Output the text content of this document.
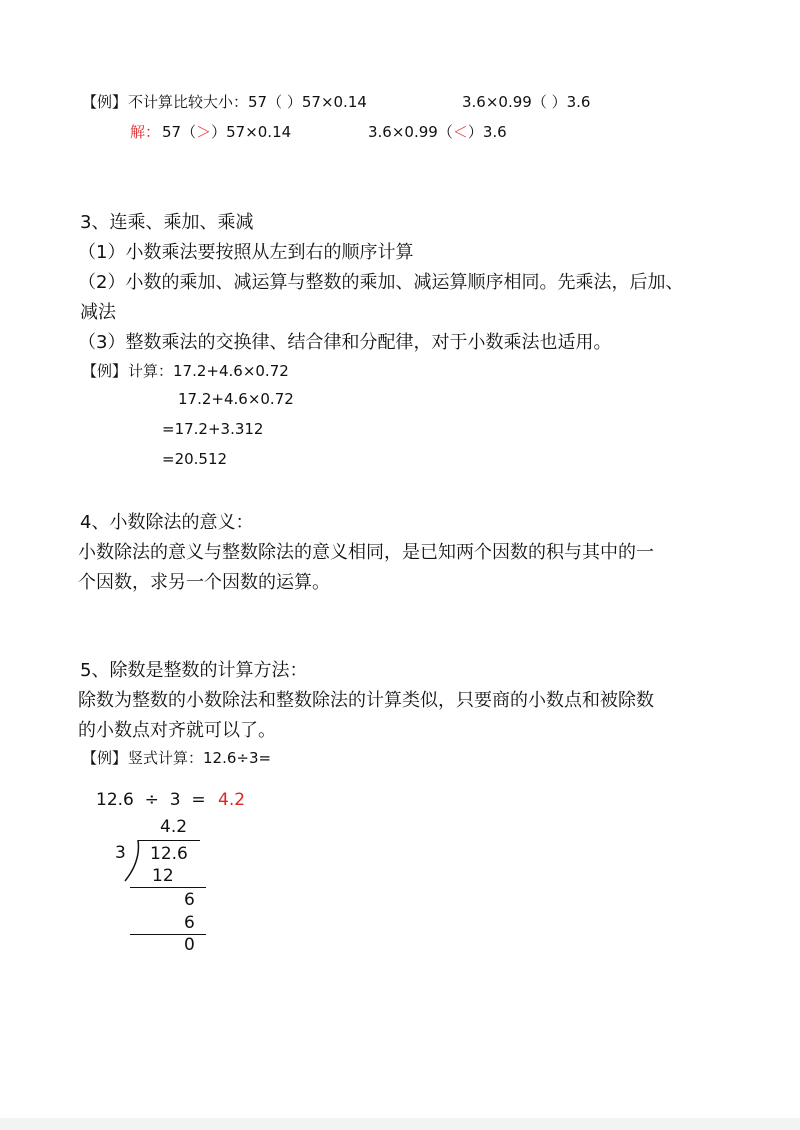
【例】 不计算比较大小：57（ ）57×0.14	3.6×0.99（ ）3.6
解： 57（＞）57×0.14	3.6×0.99（＜）3.6
3、连乘、乘加、乘减
（1）小数乘法要按照从左到右的顺序计算
（2）小数的乘加、减运算与整数的乘加、减运算顺序相同。先乘法，后加、
减法
（3）整数乘法的交换律、结合律和分配律，对于小数乘法也适用。
【例】 计算：17.2+4.6×0.72
17.2+4.6×0.72
=17.2+3.312
=20.512
4、小数除法的意义：
小数除法的意义与整数除法的意义相同，是已知两个因数的积与其中的一
个因数，求另一个因数的运算。
5、除数是整数的计算方法：
除数为整数的小数除法和整数除法的计算类似，只要商的小数点和被除数
的小数点对齐就可以了。
【例】 竖式计算：12.6÷3=
12.6  ÷  3  = 4.2
4.2
3 12.6
12
6
6
0
